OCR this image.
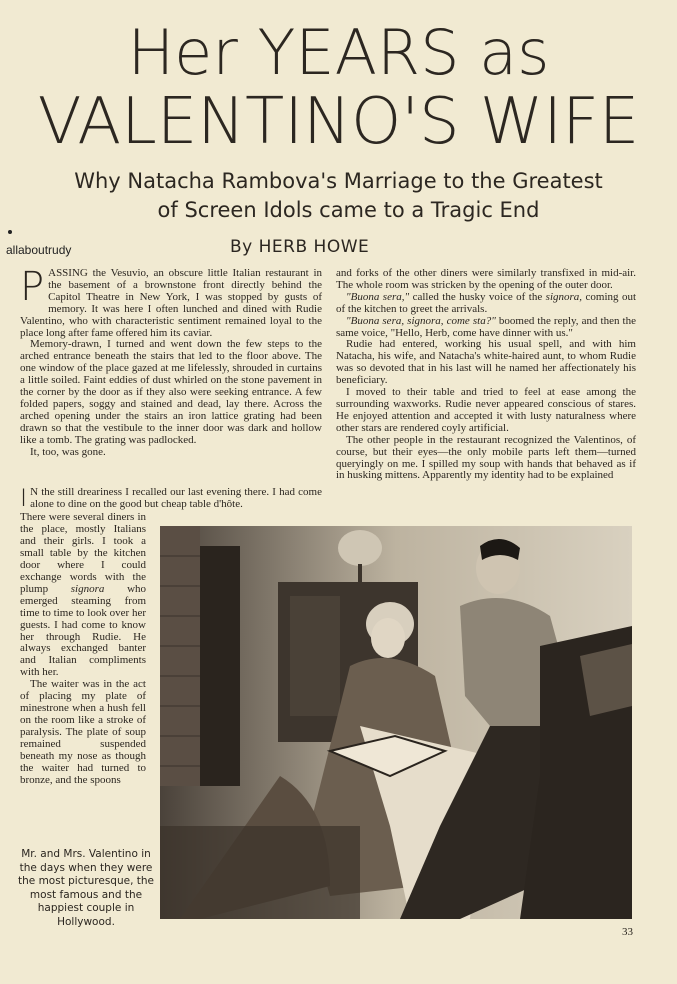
Her YEARS as
VALENTINO'S WIFE
Why Natacha Rambova's Marriage to the Greatest
of Screen Idols came to a Tragic End
allaboutrudy	By HERB HOWE

PASSING the Vesuvio, an obscure little Italian restaurant in the basement of a brownstone front directly behind the Capitol Theatre in New York, I was stopped by gusts of memory. It was here I often lunched and dined with Rudie Valentino, who with characteristic sentiment remained loyal to the place long after fame offered him its caviar.

Memory-drawn, I turned and went down the few steps to the arched entrance beneath the stairs that led to the floor above. The one window of the place gazed at me lifelessly, shrouded in curtains a little soiled. Faint eddies of dust whirled on the stone pavement in the corner by the door as if they also were seeking entrance. A few folded papers, soggy and stained and dead, lay there. Across the arched opening under the stairs an iron lattice grating had been drawn so that the vestibule to the inner door was dark and hollow like a tomb. The grating was padlocked.

It, too, was gone.

I N the still dreariness I recalled our last evening there. I had come alone to dine on the good but cheap table d'hôte.

There were several diners in the place, mostly Italians and their girls. I took a small table by the kitchen door where I could exchange words with the plump signora who emerged steaming from time to time to look over her guests. I had come to know her through Rudie. He always exchanged banter and Italian compliments with her.

The waiter was in the act of placing my plate of minestrone when a hush fell on the room like a stroke of paralysis. The plate of soup remained suspended beneath my nose as though the waiter had turned to bronze, and the spoons

and forks of the other diners were similarly transfixed in mid-air. The whole room was stricken by the opening of the outer door.

"Buona sera," called the husky voice of the signora, coming out of the kitchen to greet the arrivals.

"Buona sera, signora, come sta?" boomed the reply, and then the same voice, "Hello, Herb, come have dinner with us."

Rudie had entered, working his usual spell, and with him Natacha, his wife, and Natacha's white-haired aunt, to whom Rudie was so devoted that in his last will he named her affectionately his beneficiary.

I moved to their table and tried to feel at ease among the surrounding waxworks. Rudie never appeared conscious of stares. He enjoyed attention and accepted it with lusty naturalness where other stars are rendered coyly artificial.

The other people in the restaurant recognized the Valentinos, of course, but their eyes—the only mobile parts left them—turned queryingly on me. I spilled my soup with hands that behaved as if in husking mittens. Apparently my identity had to be explained

Mr. and Mrs. Valentino in the days when they were the most picturesque, the most famous and the happiest couple in Hollywood.
33
